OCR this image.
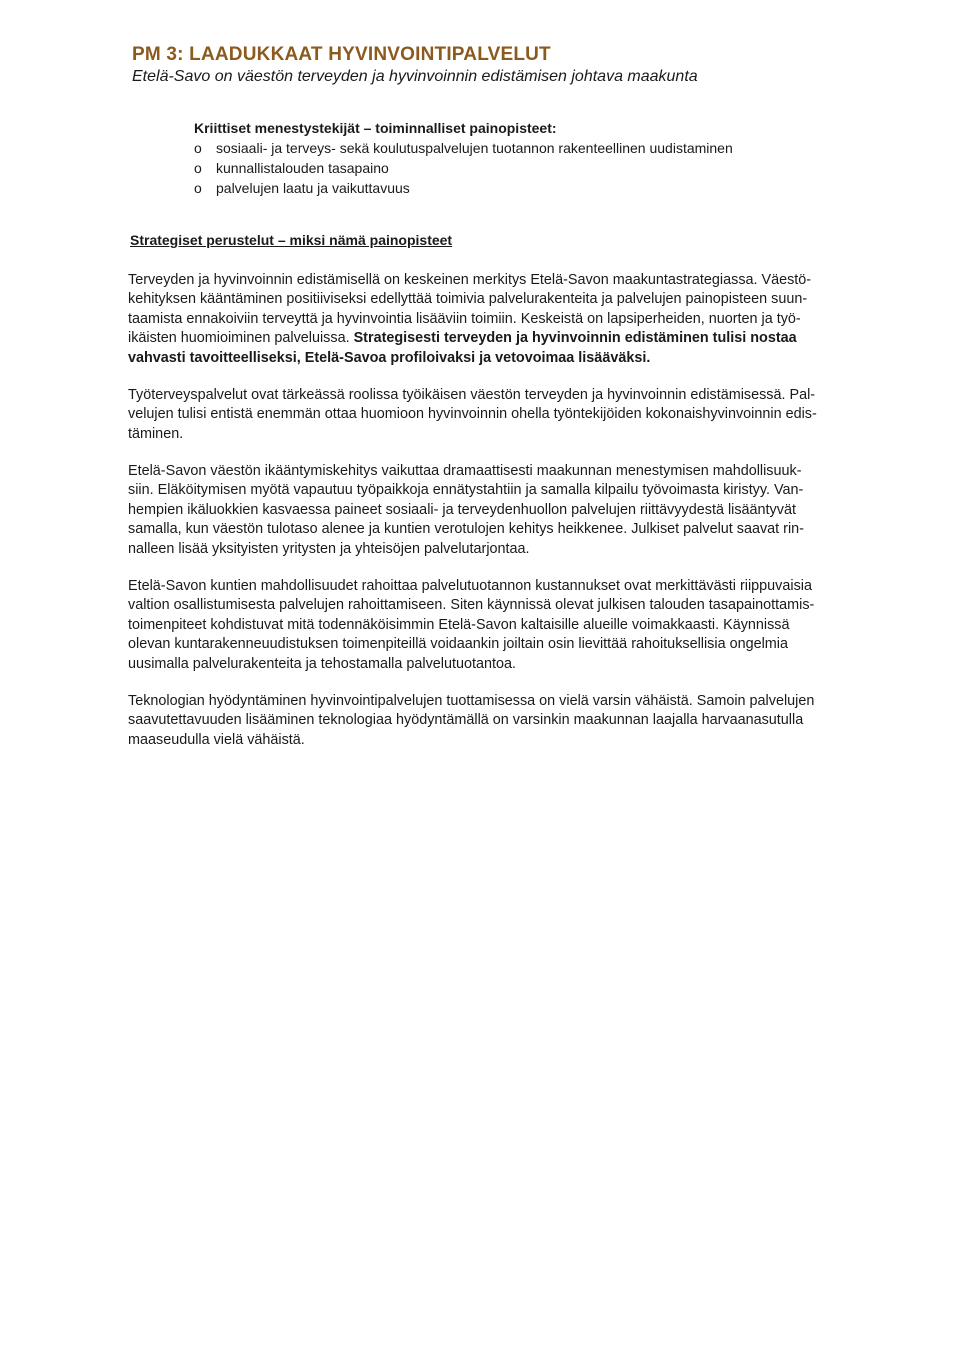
PM 3: LAADUKKAAT HYVINVOINTIPALVELUT
Etelä-Savo on väestön terveyden ja hyvinvoinnin edistämisen johtava maakunta

Kriittiset menestystekijät – toiminnalliset painopisteet:

o	sosiaali- ja terveys- sekä koulutuspalvelujen tuotannon rakenteellinen uudistaminen
o	kunnallistalouden tasapaino
o	palvelujen laatu ja vaikuttavuus
Strategiset perustelut – miksi nämä painopisteet
Terveyden ja hyvinvoinnin edistämisellä on keskeinen merkitys Etelä-Savon maakuntastrategiassa. Väestö-
kehityksen kääntäminen positiiviseksi edellyttää toimivia palvelurakenteita ja palvelujen painopisteen suun-
taamista ennakoiviin terveyttä ja hyvinvointia lisääviin toimiin. Keskeistä on lapsiperheiden, nuorten ja työ-
ikäisten huomioiminen palveluissa. Strategisesti terveyden ja hyvinvoinnin edistäminen tulisi nostaa
vahvasti tavoitteelliseksi, Etelä-Savoa profiloivaksi ja vetovoimaa lisääväksi.
Työterveyspalvelut ovat tärkeässä roolissa työikäisen väestön terveyden ja hyvinvoinnin edistämisessä. Pal-
velujen tulisi entistä enemmän ottaa huomioon hyvinvoinnin ohella työntekijöiden kokonaishyvinvoinnin edis-
täminen.
Etelä-Savon väestön ikääntymiskehitys vaikuttaa dramaattisesti maakunnan menestymisen mahdollisuuk-
siin. Eläköitymisen myötä vapautuu työpaikkoja ennätystahtiin ja samalla kilpailu työvoimasta kiristyy. Van-
hempien ikäluokkien kasvaessa paineet sosiaali- ja terveydenhuollon palvelujen riittävyydestä lisääntyvät
samalla, kun väestön tulotaso alenee ja kuntien verotulojen kehitys heikkenee. Julkiset palvelut saavat rin-
nalleen lisää yksityisten yritysten ja yhteisöjen palvelutarjontaa.
Etelä-Savon kuntien mahdollisuudet rahoittaa palvelutuotannon kustannukset ovat merkittävästi riippuvaisia
valtion osallistumisesta palvelujen rahoittamiseen. Siten käynnissä olevat julkisen talouden tasapainottamis-
toimenpiteet kohdistuvat mitä todennäköisimmin Etelä-Savon kaltaisille alueille voimakkaasti. Käynnissä
olevan kuntarakenneuudistuksen toimenpiteillä voidaankin joiltain osin lievittää rahoituksellisia ongelmia
uusimalla palvelurakenteita ja tehostamalla palvelutuotantoa.
Teknologian hyödyntäminen hyvinvointipalvelujen tuottamisessa on vielä varsin vähäistä. Samoin palvelujen
saavutettavuuden lisääminen teknologiaa hyödyntämällä on varsinkin maakunnan laajalla harvaanasutulla
maaseudulla vielä vähäistä.
